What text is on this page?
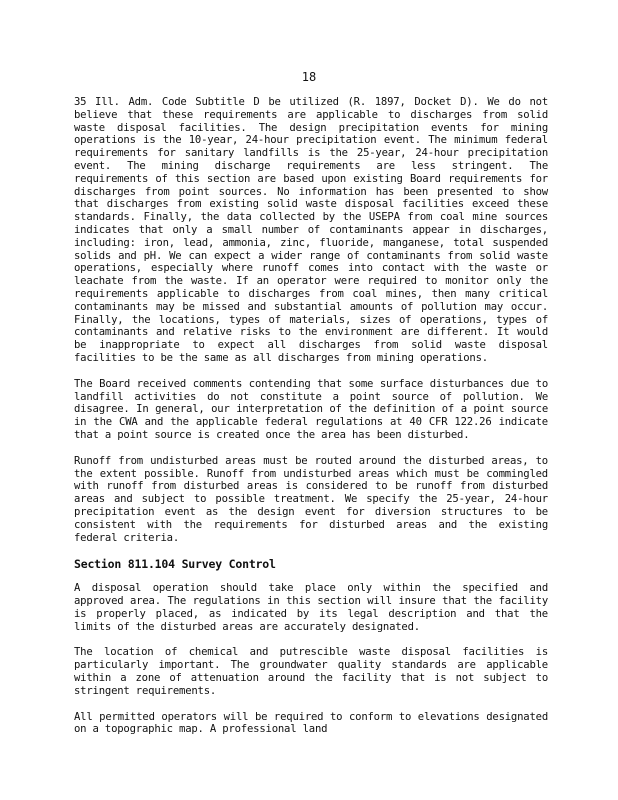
18

35 Ill. Adm. Code Subtitle D be utilized (R. 1897, Docket D). We do not believe that these requirements are applicable to discharges from solid waste disposal facilities. The design precipitation events for mining operations is the 10-year, 24-hour precipitation event. The minimum federal requirements for sanitary landfills is the 25-year, 24-hour precipitation event. The mining discharge requirements are less stringent. The requirements of this section are based upon existing Board requirements for discharges from point sources. No information has been presented to show that discharges from existing solid waste disposal facilities exceed these standards. Finally, the data collected by the USEPA from coal mine sources indicates that only a small number of contaminants appear in discharges, including: iron, lead, ammonia, zinc, fluoride, manganese, total suspended solids and pH. We can expect a wider range of contaminants from solid waste operations, especially where runoff comes into contact with the waste or leachate from the waste. If an operator were required to monitor only the requirements applicable to discharges from coal mines, then many critical contaminants may be missed and substantial amounts of pollution may occur. Finally, the locations, types of materials, sizes of operations, types of contaminants and relative risks to the environment are different. It would be inappropriate to expect all discharges from solid waste disposal facilities to be the same as all discharges from mining operations.

The Board received comments contending that some surface disturbances due to landfill activities do not constitute a point source of pollution. We disagree. In general, our interpretation of the definition of a point source in the CWA and the applicable federal regulations at 40 CFR 122.26 indicate that a point source is created once the area has been disturbed.

Runoff from undisturbed areas must be routed around the disturbed areas, to the extent possible. Runoff from undisturbed areas which must be commingled with runoff from disturbed areas is considered to be runoff from disturbed areas and subject to possible treatment. We specify the 25-year, 24-hour precipitation event as the design event for diversion structures to be consistent with the requirements for disturbed areas and the existing federal criteria.

Section 811.104 Survey Control

A disposal operation should take place only within the specified and approved area. The regulations in this section will insure that the facility is properly placed, as indicated by its legal description and that the limits of the disturbed areas are accurately designated.

The location of chemical and putrescible waste disposal facilities is particularly important. The groundwater quality standards are applicable within a zone of attenuation around the facility that is not subject to stringent requirements.

All permitted operators will be required to conform to elevations designated on a topographic map. A professional land
